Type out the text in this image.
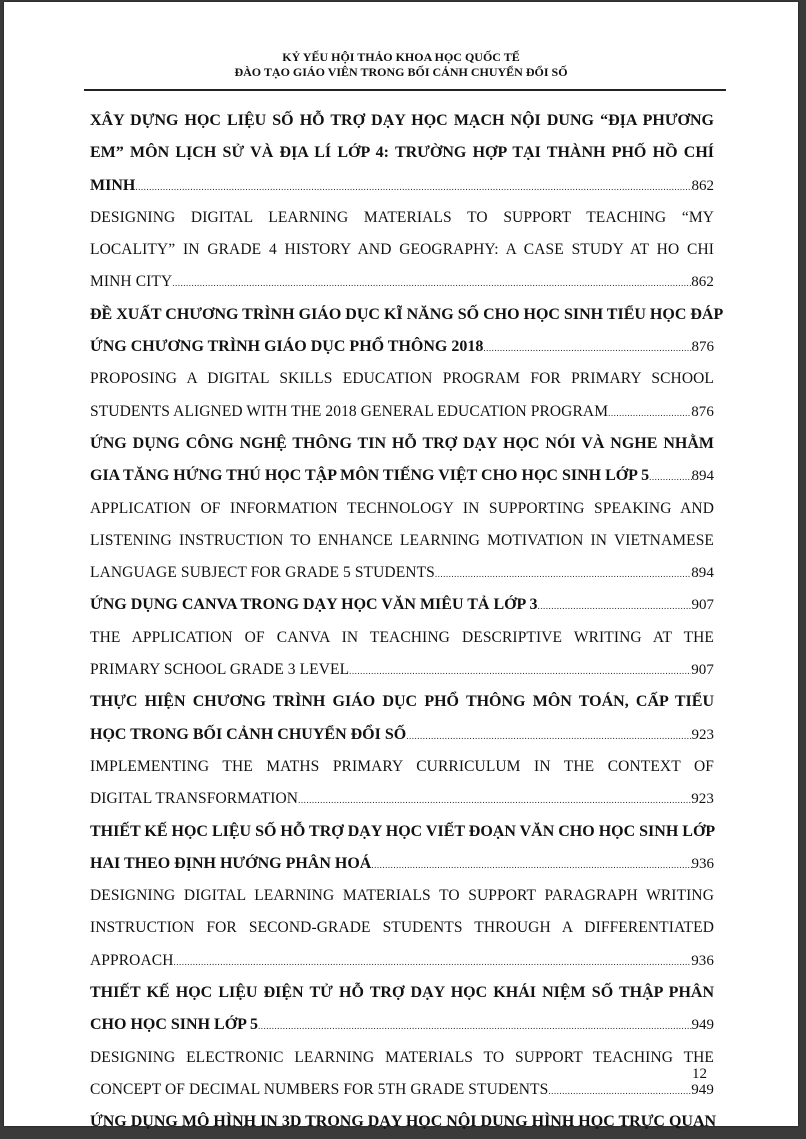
KỶ YẾU HỘI THẢO KHOA HỌC QUỐC TẾ
ĐÀO TẠO GIÁO VIÊN TRONG BỐI CẢNH CHUYỂN ĐỔI SỐ
XÂY DỰNG HỌC LIỆU SỐ HỖ TRỢ DẠY HỌC MẠCH NỘI DUNG “ĐỊA PHƯƠNG
EM” MÔN LỊCH SỬ VÀ ĐỊA LÍ LỚP 4: TRƯỜNG HỢP TẠI THÀNH PHỐ HỒ CHÍ
MINH .....	862
DESIGNING DIGITAL LEARNING MATERIALS TO SUPPORT TEACHING “MY
LOCALITY” IN GRADE 4 HISTORY AND GEOGRAPHY: A CASE STUDY AT HO CHI
MINH CITY .....	862
ĐỀ XUẤT CHƯƠNG TRÌNH GIÁO DỤC KĨ NĂNG SỐ CHO HỌC SINH TIỂU HỌC ĐÁP
ỨNG CHƯƠNG TRÌNH GIÁO DỤC PHỔ THÔNG 2018 .....	876
PROPOSING A DIGITAL SKILLS EDUCATION PROGRAM FOR PRIMARY SCHOOL
STUDENTS ALIGNED WITH THE 2018 GENERAL EDUCATION PROGRAM .....	876
ỨNG DỤNG CÔNG NGHỆ THÔNG TIN HỖ TRỢ DẠY HỌC NÓI VÀ NGHE NHẰM
GIA TĂNG HỨNG THÚ HỌC TẬP MÔN TIẾNG VIỆT CHO HỌC SINH LỚP 5 .....	894
APPLICATION OF INFORMATION TECHNOLOGY IN SUPPORTING SPEAKING AND
LISTENING INSTRUCTION TO ENHANCE LEARNING MOTIVATION IN VIETNAMESE
LANGUAGE SUBJECT FOR GRADE 5 STUDENTS .....	894
ỨNG DỤNG CANVA TRONG DẠY HỌC VĂN MIÊU TẢ LỚP 3 .....	907
THE APPLICATION OF CANVA IN TEACHING DESCRIPTIVE WRITING AT THE
PRIMARY SCHOOL GRADE 3 LEVEL .....	907
THỰC HIỆN CHƯƠNG TRÌNH GIÁO DỤC PHỔ THÔNG MÔN TOÁN, CẤP TIỂU
HỌC TRONG BỐI CẢNH CHUYỂN ĐỔI SỐ .....	923
IMPLEMENTING THE MATHS PRIMARY CURRICULUM IN THE CONTEXT OF
DIGITAL TRANSFORMATION .....	923
THIẾT KẾ HỌC LIỆU SỐ HỖ TRỢ DẠY HỌC VIẾT ĐOẠN VĂN CHO HỌC SINH LỚP
HAI THEO ĐỊNH HƯỚNG PHÂN HOÁ .....	936
DESIGNING DIGITAL LEARNING MATERIALS TO SUPPORT PARAGRAPH WRITING
INSTRUCTION FOR SECOND-GRADE STUDENTS THROUGH A DIFFERENTIATED
APPROACH .....	936
THIẾT KẾ HỌC LIỆU ĐIỆN TỬ HỖ TRỢ DẠY HỌC KHÁI NIỆM SỐ THẬP PHÂN
CHO HỌC SINH LỚP 5 .....	949
DESIGNING ELECTRONIC LEARNING MATERIALS TO SUPPORT TEACHING THE
CONCEPT OF DECIMAL NUMBERS FOR 5TH GRADE STUDENTS .....	949
ỨNG DỤNG MÔ HÌNH IN 3D TRONG DẠY HỌC NỘI DUNG HÌNH HỌC TRỰC QUAN
12
